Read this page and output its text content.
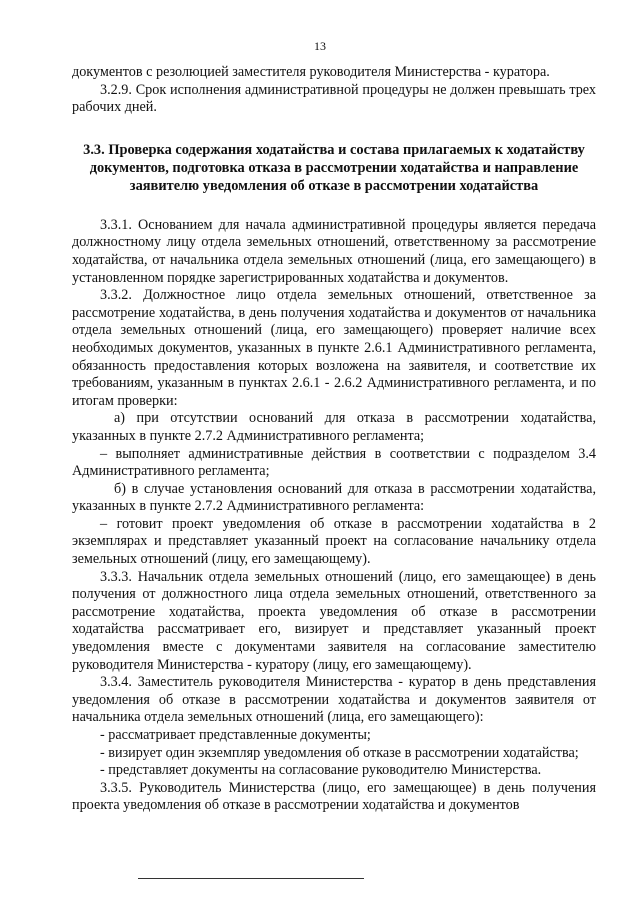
13

документов с резолюцией заместителя руководителя Министерства - куратора.

3.2.9. Срок исполнения административной процедуры не должен превышать трех рабочих дней.

3.3. Проверка содержания ходатайства и состава прилагаемых к ходатайству документов, подготовка отказа в рассмотрении ходатайства и направление заявителю уведомления об отказе в рассмотрении ходатайства

3.3.1. Основанием для начала административной процедуры является передача должностному лицу отдела земельных отношений, ответственному за рассмотрение ходатайства, от начальника отдела земельных отношений (лица, его замещающего) в установленном порядке зарегистрированных ходатайства и документов.

3.3.2. Должностное лицо отдела земельных отношений, ответственное за рассмотрение ходатайства, в день получения ходатайства и документов от начальника отдела земельных отношений (лица, его замещающего) проверяет наличие всех необходимых документов, указанных в пункте 2.6.1 Административного регламента, обязанность предоставления которых возложена на заявителя, и соответствие их требованиям, указанным в пунктах 2.6.1 - 2.6.2 Административного регламента, и по итогам проверки:

а) при отсутствии оснований для отказа в рассмотрении ходатайства, указанных в пункте 2.7.2 Административного регламента;

– выполняет административные действия в соответствии с подразделом 3.4 Административного регламента;

б) в случае установления оснований для отказа в рассмотрении ходатайства, указанных в пункте 2.7.2 Административного регламента:

– готовит проект уведомления об отказе в рассмотрении ходатайства в 2 экземплярах и представляет указанный проект на согласование начальнику отдела земельных отношений (лицу, его замещающему).

3.3.3. Начальник отдела земельных отношений (лицо, его замещающее) в день получения от должностного лица отдела земельных отношений, ответственного за рассмотрение ходатайства, проекта уведомления об отказе в рассмотрении ходатайства рассматривает его, визирует и представляет указанный проект уведомления вместе с документами заявителя на согласование заместителю руководителя Министерства - куратору (лицу, его замещающему).

3.3.4. Заместитель руководителя Министерства - куратор в день представления уведомления об отказе в рассмотрении ходатайства и документов заявителя от начальника отдела земельных отношений (лица, его замещающего):

- рассматривает представленные документы;

- визирует один экземпляр уведомления об отказе в рассмотрении ходатайства;

- представляет документы на согласование руководителю Министерства.

3.3.5. Руководитель Министерства (лицо, его замещающее) в день получения проекта уведомления об отказе в рассмотрении ходатайства и документов
